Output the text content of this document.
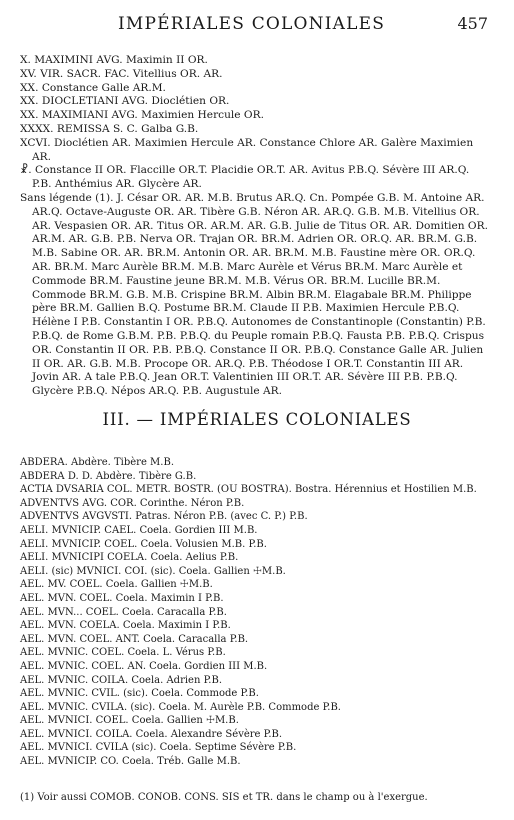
IMPÉRIALES COLONIALES	457

X. MAXIMINI AVG. Maximin II OR.

XV. VIR. SACR. FAC. Vitellius OR. AR.

XX. Constance Galle AR.M.

XX. DIOCLETIANI AVG. Dioclétien OR.

XX. MAXIMIANI AVG. Maximien Hercule OR.

XXXX. REMISSA S. C. Galba G.B.

XCVI. Dioclétien AR. Maximien Hercule AR. Constance Chlore AR. Galère Maximien AR.

☧. Constance II OR. Flaccille OR.T. Placidie OR.T. AR. Avitus P.B.Q. Sévère III AR.Q. P.B. Anthémius AR. Glycère AR.

Sans légende (1). J. César OR. AR. M.B. Brutus AR.Q. Cn. Pompée G.B. M. Antoine AR. AR.Q. Octave-Auguste OR. AR. Tibère G.B. Néron AR. AR.Q. G.B. M.B. Vitellius OR. AR. Vespasien OR. AR. Titus OR. AR.M. AR. G.B. Julie de Titus OR. AR. Domitien OR. AR.M. AR. G.B. P.B. Nerva OR. Trajan OR. BR.M. Adrien OR. OR.Q. AR. BR.M. G.B. M.B. Sabine OR. AR. BR.M. Antonin OR. AR. BR.M. M.B. Faustine mère OR. OR.Q. AR. BR.M. Marc Aurèle BR.M. M.B. Marc Aurèle et Vérus BR.M. Marc Aurèle et Commode BR.M. Faustine jeune BR.M. M.B. Vérus OR. BR.M. Lucille BR.M. Commode BR.M. G.B. M.B. Crispine BR.M. Albin BR.M. Elagabale BR.M. Philippe père BR.M. Gallien B.Q. Postume BR.M. Claude II P.B. Maximien Hercule P.B.Q. Hélène I P.B. Constantin I OR. P.B.Q. Autonomes de Constantinople (Constantin) P.B. P.B.Q. de Rome G.B.M. P.B. P.B.Q. du Peuple romain P.B.Q. Fausta P.B. P.B.Q. Crispus OR. Constantin II OR. P.B. P.B.Q. Constance II OR. P.B.Q. Constance Galle AR. Julien II OR. AR. G.B. M.B. Procope OR. AR.Q. P.B. Théodose I OR.T. Constantin III AR. Jovin AR. A tale P.B.Q. Jean OR.T. Valentinien III OR.T. AR. Sévère III P.B. P.B.Q. Glycère P.B.Q. Népos AR.Q. P.B. Augustule AR.

III. — IMPÉRIALES COLONIALES

ABDERA. Abdère. Tibère M.B.

ABDERA D. D. Abdère. Tibère G.B.

ACTIA DVSARIA COL. METR. BOSTR. (OU BOSTRA). Bostra. Hérennius et Hostilien M.B.

ADVENTVS AVG. COR. Corinthe. Néron P.B.

ADVENTVS AVGVSTI. Patras. Néron P.B. (avec C. P.) P.B.

AELI. MVNICIP. CAEL. Coela. Gordien III M.B.

AELI. MVNICIP. COEL. Coela. Volusien M.B. P.B.

AELI. MVNICIPI COELA. Coela. Aelius P.B.

AELI. (sic) MVNICI. COI. (sic). Coela. Gallien ☩M.B.

AEL. MV. COEL. Coela. Gallien ☩M.B.

AEL. MVN. COEL. Coela. Maximin I P.B.

AEL. MVN... COEL. Coela. Caracalla P.B.

AEL. MVN. COELA. Coela. Maximin I P.B.

AEL. MVN. COEL. ANT. Coela. Caracalla P.B.

AEL. MVNIC. COEL. Coela. L. Vérus P.B.

AEL. MVNIC. COEL. AN. Coela. Gordien III M.B.

AEL. MVNIC. COILA. Coela. Adrien P.B.

AEL. MVNIC. CVIL. (sic). Coela. Commode P.B.

AEL. MVNIC. CVILA. (sic). Coela. M. Aurèle P.B. Commode P.B.

AEL. MVNICI. COEL. Coela. Gallien ☩M.B.

AEL. MVNICI. COILA. Coela. Alexandre Sévère P.B.

AEL. MVNICI. CVILA (sic). Coela. Septime Sévère P.B.

AEL. MVNICIP. CO. Coela. Tréb. Galle M.B.

(1) Voir aussi COMOB. CONOB. CONS. SIS et TR. dans le champ ou à l'exergue.
